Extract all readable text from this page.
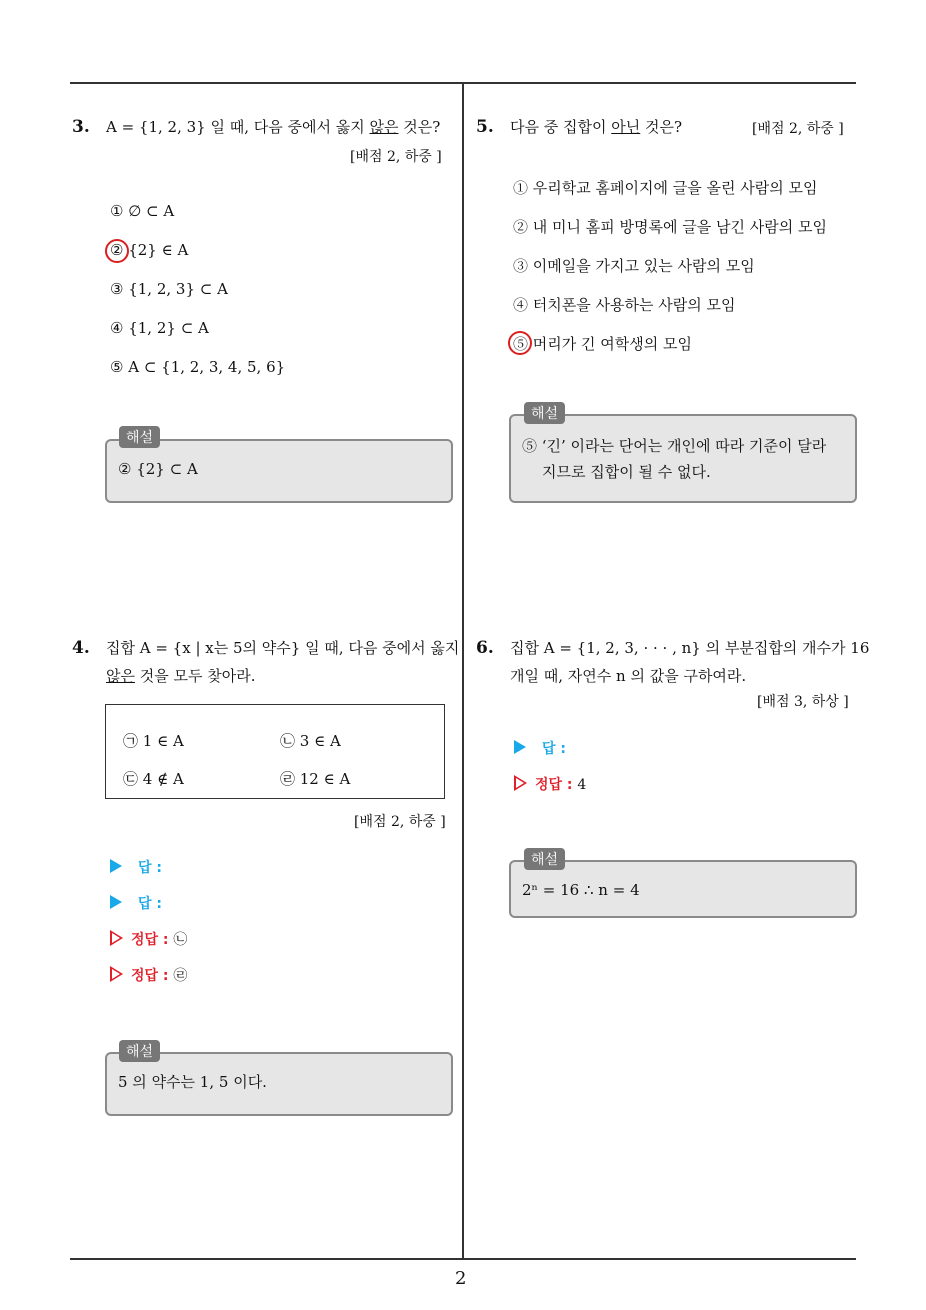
2
3. A = {1, 2, 3} 일 때, 다음 중에서 옳지 않은 것은?
[배점 2, 하중 ]
① ∅ ⊂ A
② {2} ∈ A
③ {1, 2, 3} ⊂ A
④ {1, 2} ⊂ A
⑤ A ⊂ {1, 2, 3, 4, 5, 6}
해설
② {2} ⊂ A
5. 다음 중 집합이 아닌 것은?	[배점 2, 하중 ]
① 우리학교 홈페이지에 글을 올린 사람의 모임
② 내 미니 홈피 방명록에 글을 남긴 사람의 모임
③ 이메일을 가지고 있는 사람의 모임
④ 터치폰을 사용하는 사람의 모임
⑤ 머리가 긴 여학생의 모임
해설
⑤ ‘긴’ 이라는 단어는 개인에 따라 기준이 달라
지므로 집합이 될 수 없다.
4. 집합 A = {x | x는 5의 약수} 일 때, 다음 중에서 옳지
않은 것을 모두 찾아라.
㉠ 1 ∈ A	㉡ 3 ∈ A
㉢ 4 ∉ A	㉣ 12 ∈ A
[배점 2, 하중 ]
답 :
답 :
정답 : ㉡
정답 : ㉣
해설
5 의 약수는 1, 5 이다.
6. 집합 A = {1, 2, 3, · · · , n} 의 부분집합의 개수가 16
개일 때, 자연수 n 의 값을 구하여라.
[배점 3, 하상 ]
답 :
정답 : 4
해설
2ⁿ = 16 ∴ n = 4
